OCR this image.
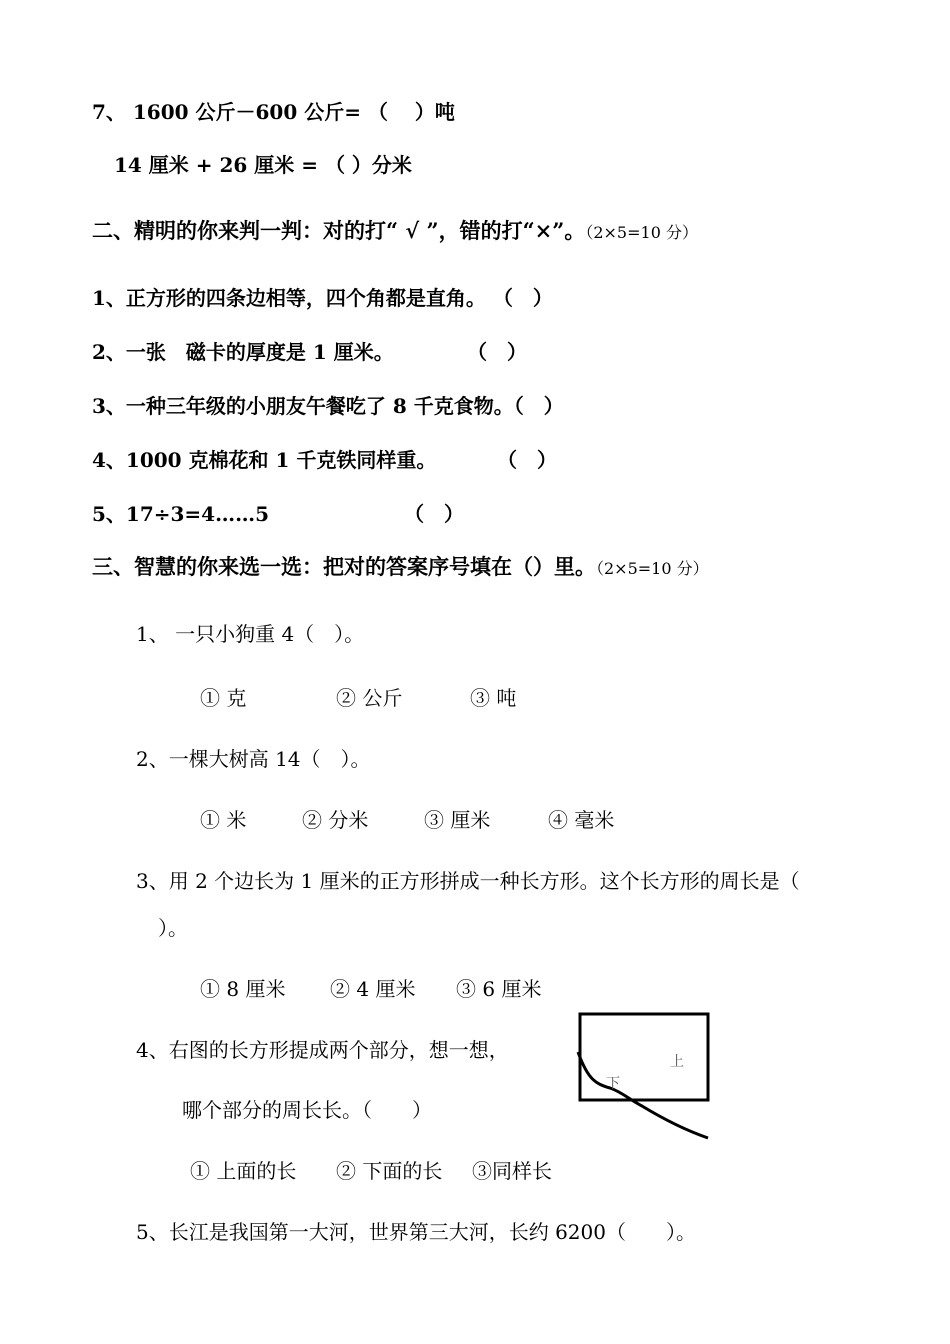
7、 1600 公斤－600 公斤= （　 ）吨
14 厘米 + 26 厘米 = （ ）分米
二、精明的你来判一判：对的打“ √ ”，错的打“×”。（2×5=10 分）
1、正方形的四条边相等，四个角都是直角。 （　）
2、一张　磁卡的厚度是 1 厘米。	（　）
3、一种三年级的小朋友午餐吃了 8 千克食物。（　）
4、1000 克棉花和 1 千克铁同样重。	（　）
5、17÷3=4……5	（　）
三、智慧的你来选一选：把对的答案序号填在（）里。（2×5=10 分）
1、 一只小狗重 4（　）。
① 克	② 公斤	③ 吨
2、一棵大树高 14（　）。
① 米	② 分米	③ 厘米	④ 毫米
3、用 2 个边长为 1 厘米的正方形拼成一种长方形。这个长方形的周长是（
）。
① 8 厘米 ② 4 厘米 ③ 6 厘米
4、右图的长方形提成两个部分，想一想，
哪个部分的周长长。（　　）
上
下
① 上面的长 ② 下面的长 ③同样长
5、长江是我国第一大河，世界第三大河，长约 6200（　　）。
